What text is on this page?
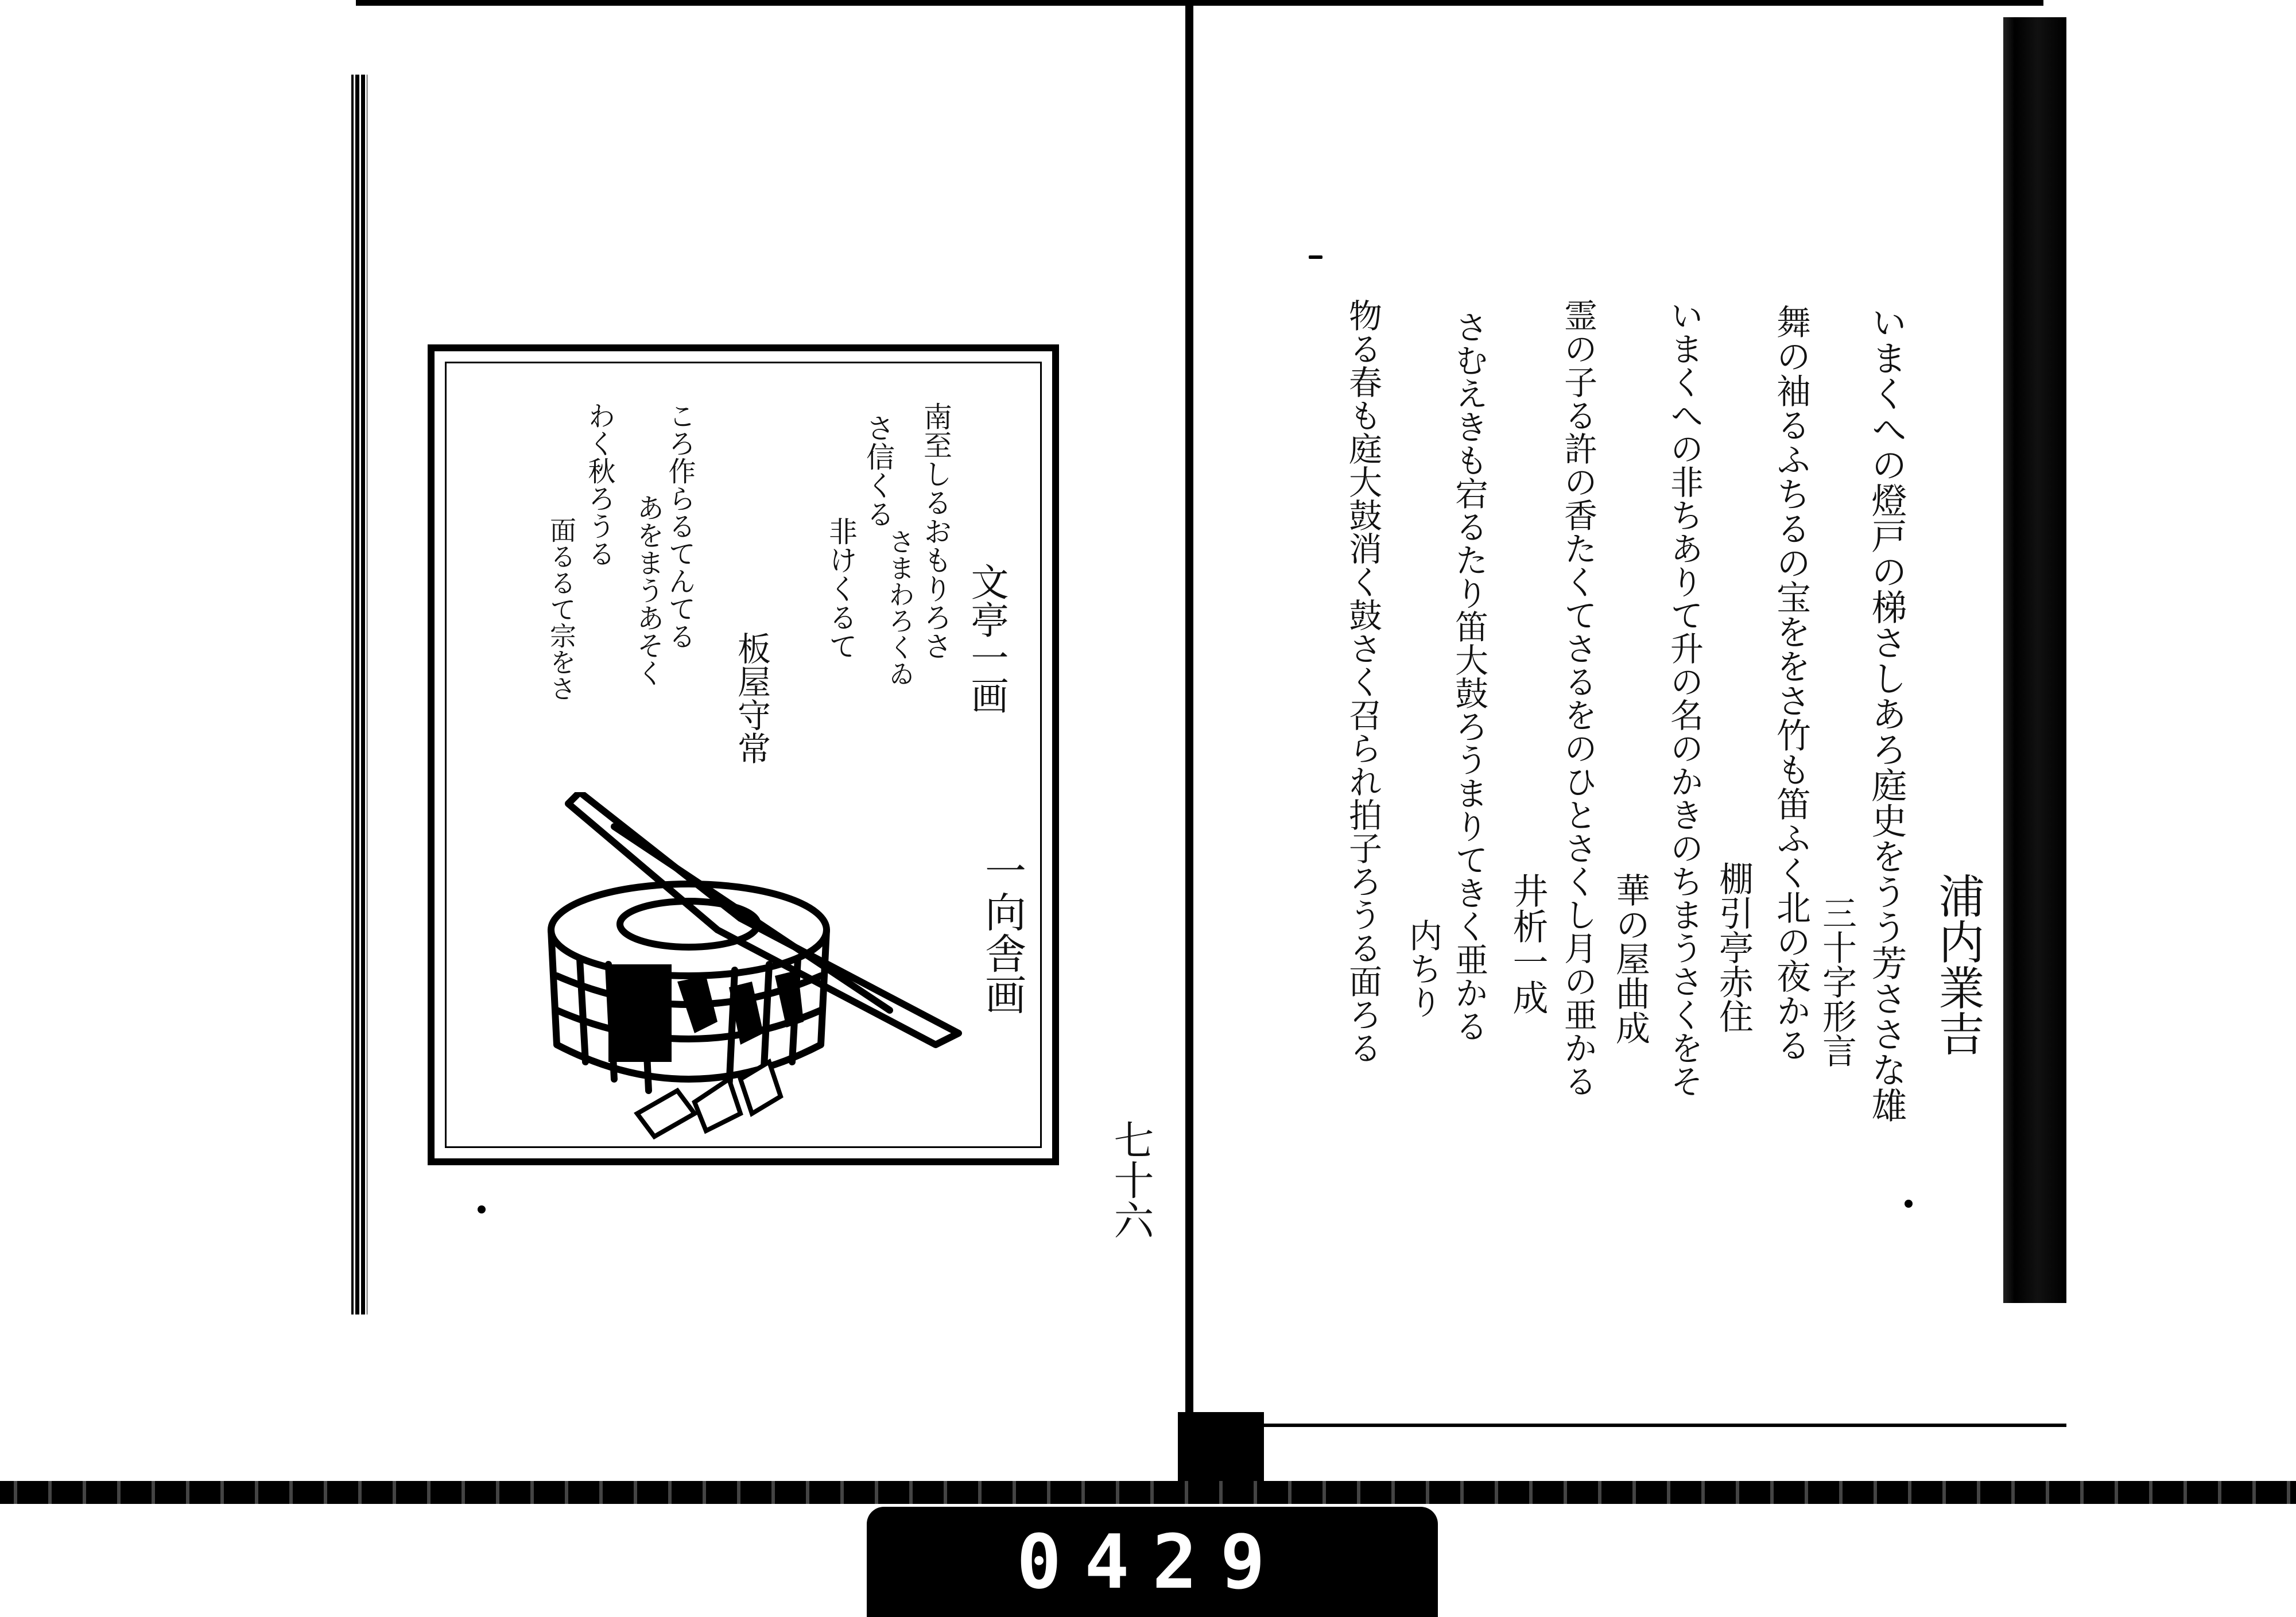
文亭一画
南至しるおもりろさ
さまわろくゐ
さ信くる
非けくるて
板屋守常
ころ作らるてんてる
あをまうあそく
わく秋ろうる
面るるて宗をさ
一向舎画
七十六
浦内業吉
いまくへの燈戸の梯さしあろ庭史をうう芳ささな雄
三十字形言
舞の袖るふちるの宝ををさ竹も笛ふく北の夜かる
棚引亭赤住
いまくへの非ちありて升の名のかきのちまうさくをそ
華の屋曲成
霊の子る許の香たくてさるをのひとさくし月の亜かる
井析一成
さむえきも宕るたり笛大鼓ろうまりてきく亜かる
内ちり
物る春も庭大鼓消く鼓さく召られ拍子ろうる面ろる
0429
